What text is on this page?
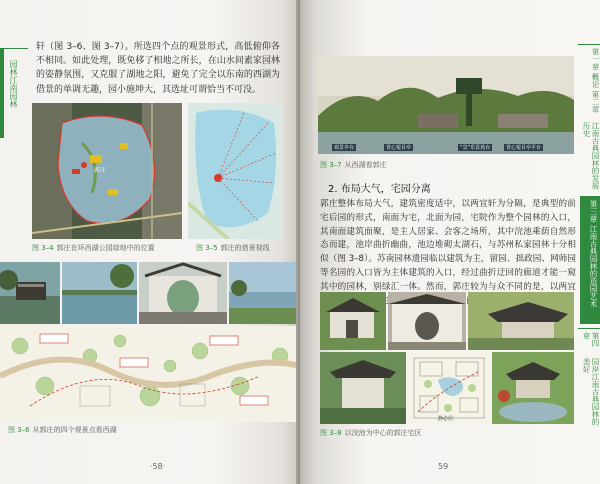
园林江南园林
轩（图 3–6、图 3–7）。所选四个点的观景形式，高低俯仰各不相同。如此处理，既免移了相地之所长，在山水间素家园林的姿静氛围，又克服了湖地之阳，避免了完全以东南的西湖为借景的单调无趣，园小施坤大，其选址可谓恰当不可没。
郭庄
图 3–4 郭庄在环西湖公园绿地中的位置	图 3–5 郭庄的借景视线
图 3–6 从郭庄的四个观景点看西湖
·58·
观景亭台	赏心悦目亭	“景”乐景苑台	赏心悦目亭平台
图 3–7 从西湖看郭庄
2. 布局大气，宅园分离
郭庄整体布局大气，建筑密度适中，以两宜轩为分隔，是典型的前宅后园的形式，南面为宅，北面为园，宅院作为整个园林的入口，其南面建筑面聚，是主人居家、会客之场所，其中浣池乘荫自然形态而建，池岸曲折幽曲，池边堆砌太湖石，与苏州私家园林十分相似（图 3–8）。苏南园林遗园临以建筑为主，留园、拙政园、网师园等名园的入口皆为主体建筑的入口，经过曲折迂回的廊道才能一窥其中的园林，别绿汇一体。然而，郭庄较为与众不同的是，以两宜 州园林布局，北面却清新不同。
静必居
图 3–8 以浣池为中心的郭庄宅区
59
第一章 概论 第二章
江南古典园林的发展历史
第三章 江南古典园林的造园艺术
第四章
园岸江南古典园林的美好
